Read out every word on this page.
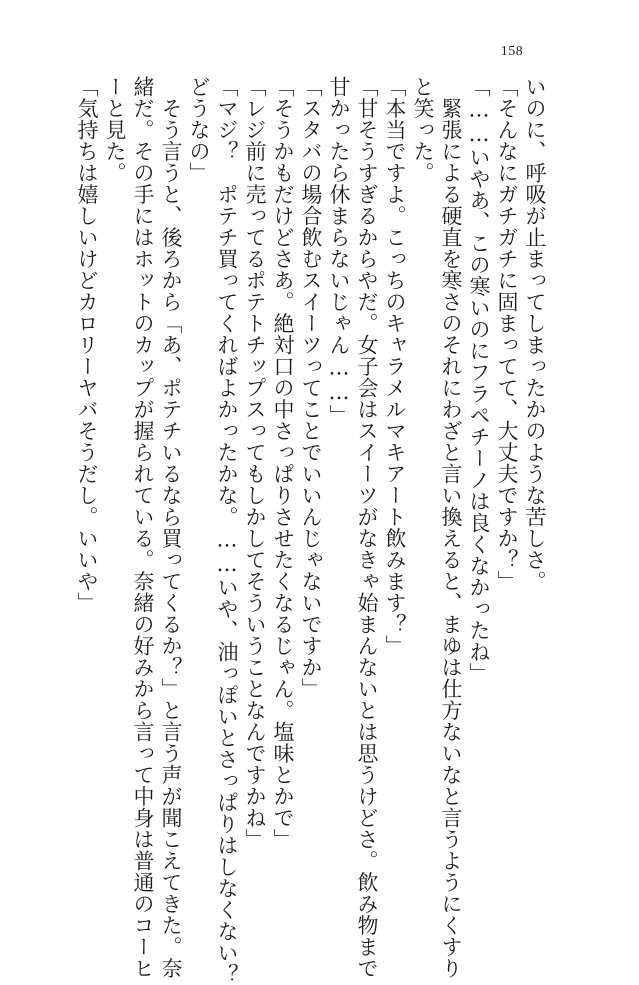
158
いのに、呼吸が止まってしまったかのような苦しさ。
「そんなにガチガチに固まってて、大丈夫ですか？」
「……いやあ、この寒いのにフラペチーノは良くなかったね」
　緊張による硬直を寒さのそれにわざと言い換えると、まゆは仕方ないなと言うようにくすり
と笑った。
「本当ですよ。こっちのキャラメルマキアート飲みます？」
「甘そうすぎるからやだ。女子会はスイーツがなきゃ始まんないとは思うけどさ。飲み物まで
甘かったら休まらないじゃん……」
「スタバの場合飲むスイーツってことでいいんじゃないですか」
「そうかもだけどさあ。絶対口の中さっぱりさせたくなるじゃん。塩味とかで」
「レジ前に売ってるポテトチップスってもしかしてそういうことなんですかね」
「マジ？　ポテチ買ってくればよかったかな。……いや、油っぽいとさっぱりはしなくない？
どうなの」
　そう言うと、後ろから「あ、ポテチいるなら買ってくるか？」と言う声が聞こえてきた。奈
緒だ。その手にはホットのカップが握られている。奈緒の好みから言って中身は普通のコーヒ
ーと見た。
「気持ちは嬉しいけどカロリーヤバそうだし。いいや」
